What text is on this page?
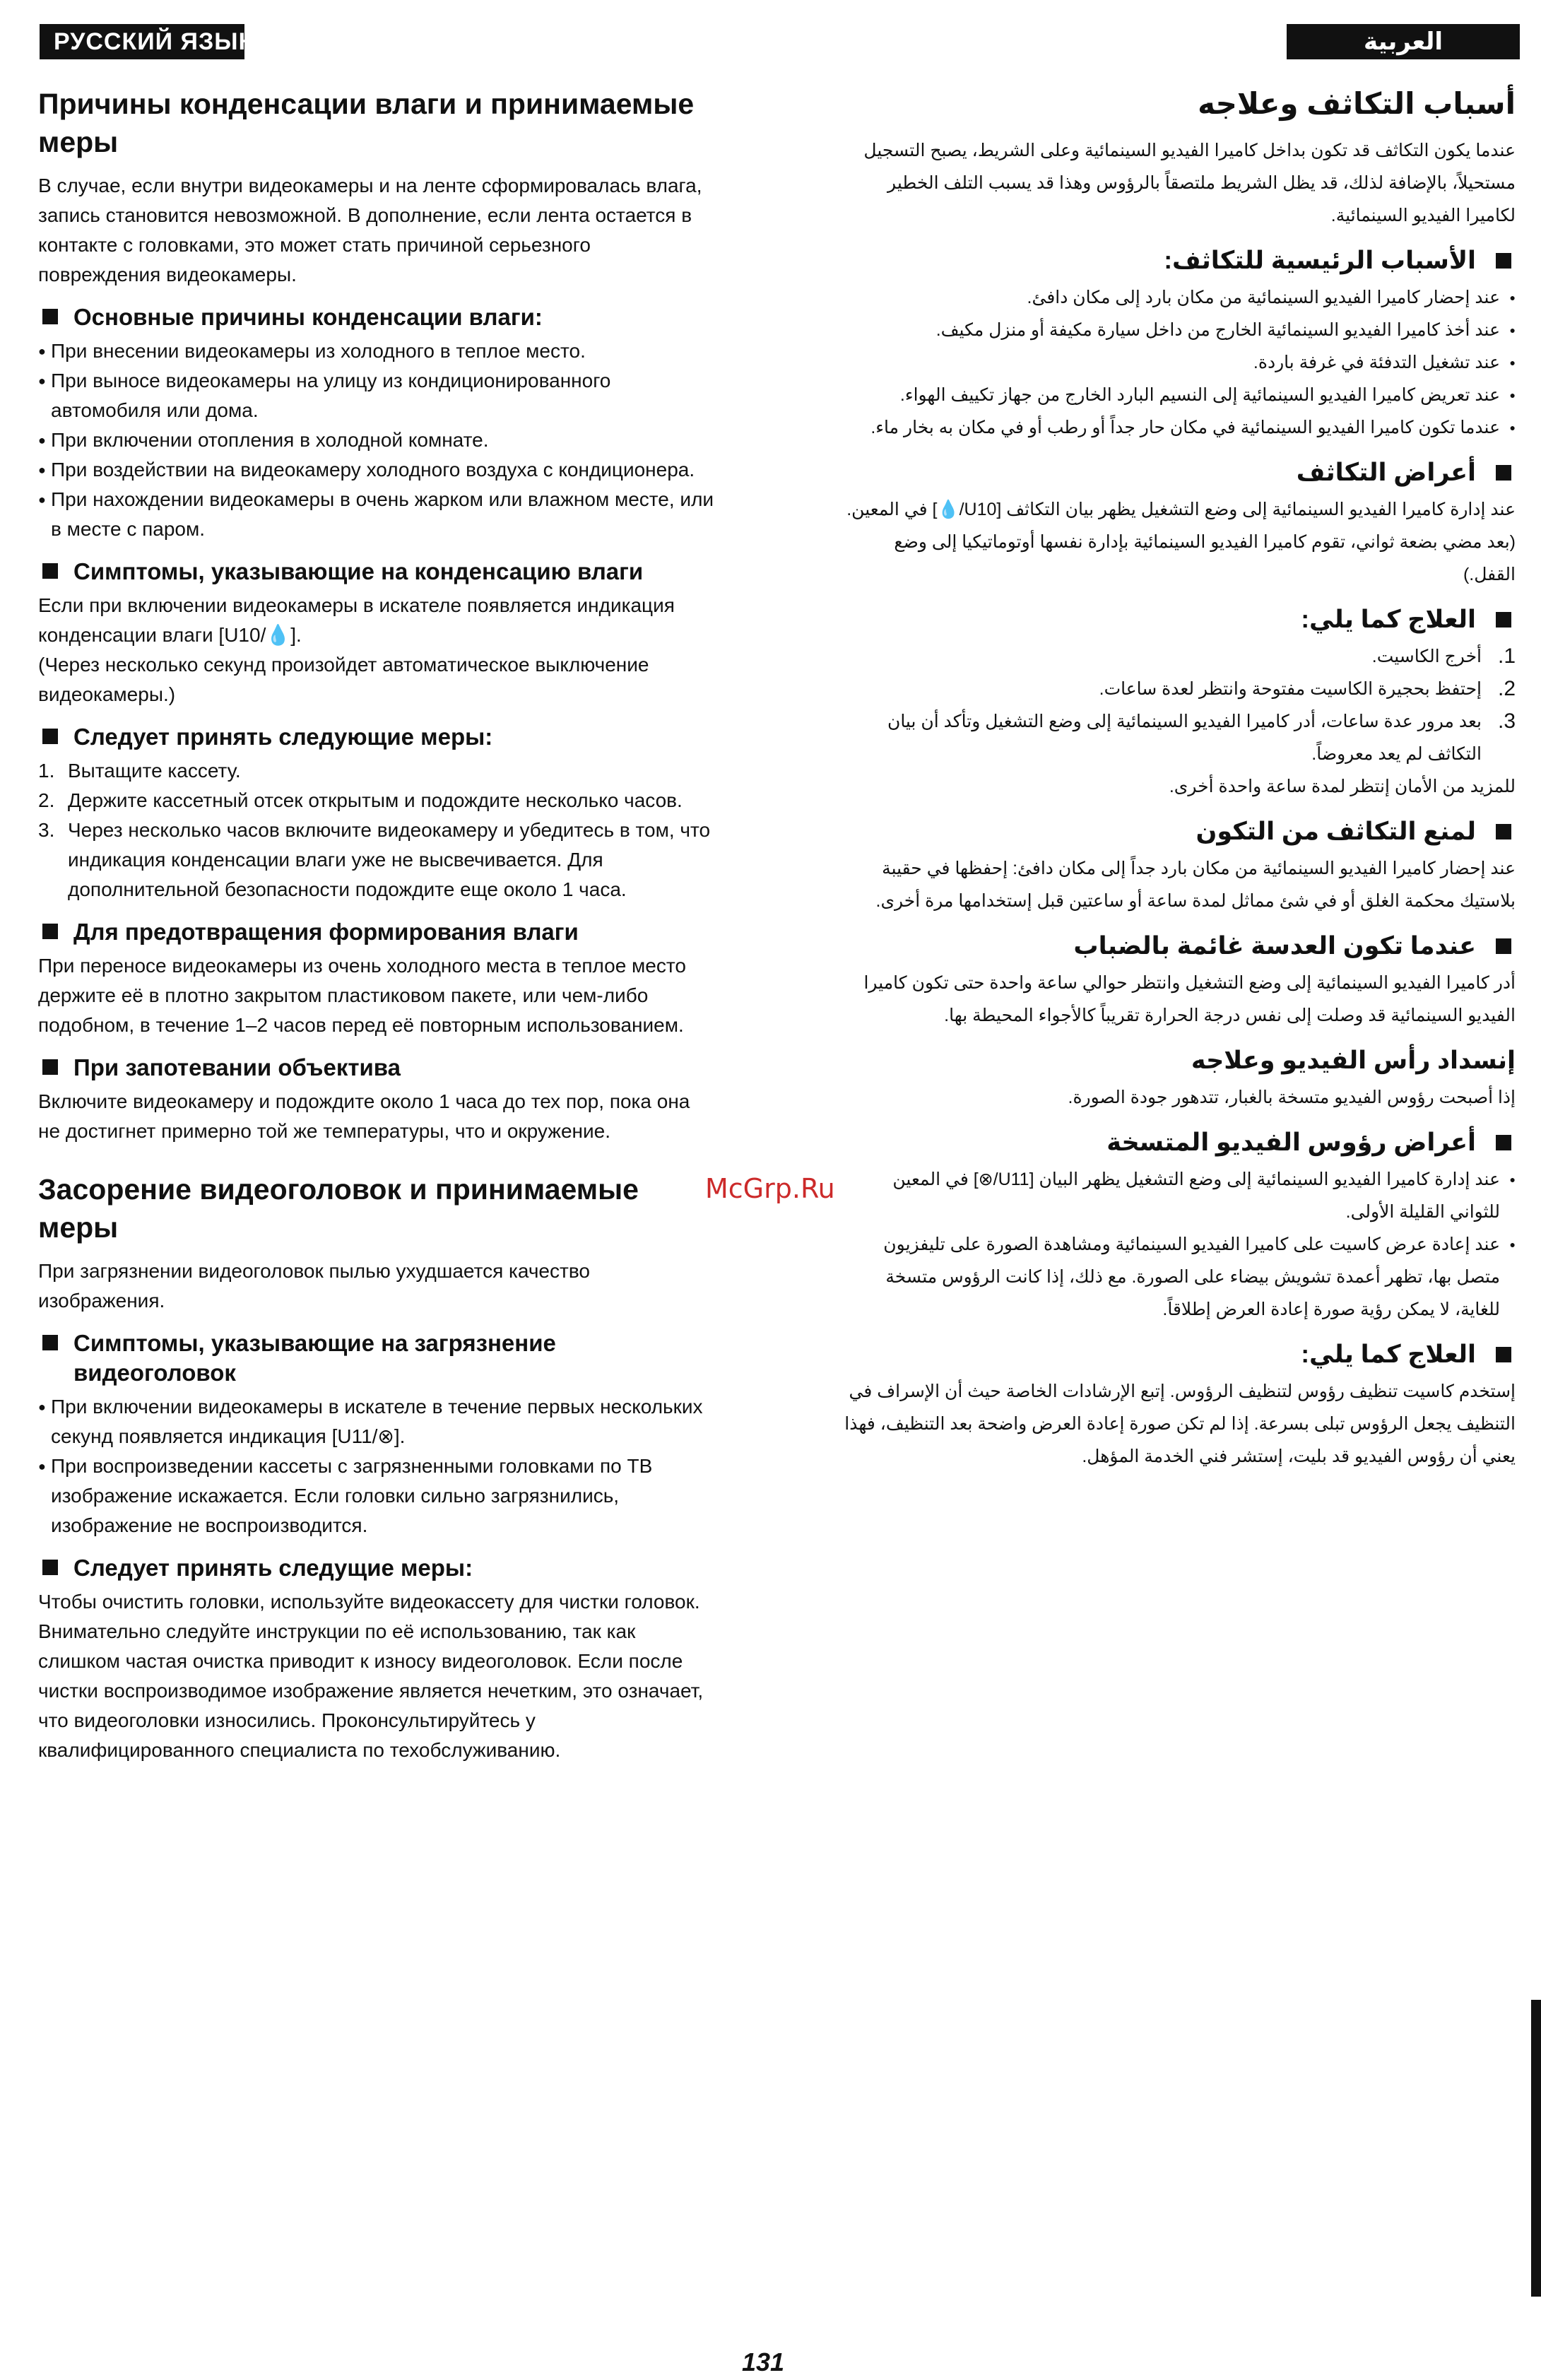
РУССКИЙ ЯЗЫК	العربية
Причины конденсации влаги и принимаемые меры

В случае, если внутри видеокамеры и на ленте сформировалась влага, запись становится невозможной. В дополнение, если лента остается в контакте с головками, это может стать причиной серьезного повреждения видеокамеры.

Основные причины конденсации влаги:
● При внесении видеокамеры из холодного в теплое место.
● При выносе видеокамеры на улицу из кондиционированного автомобиля или дома.
● При включении отопления в холодной комнате.
● При воздействии на видеокамеру холодного воздуха с кондиционера.
● При нахождении видеокамеры в очень жарком или влажном месте, или в месте с паром.
Симптомы, указывающие на конденсацию влаги

Если при включении видеокамеры в искателе появляется индикация конденсации влаги [U10/💧].

(Через несколько секунд произойдет автоматическое выключение видеокамеры.)

Следует принять следующие меры:
1. Вытащите кассету.
2. Держите кассетный отсек открытым и подождите несколько часов.
3. Через несколько часов включите видеокамеру и убедитесь в том, что индикация конденсации влаги уже не высвечивается. Для дополнительной безопасности подождите еще около 1 часа.
Для предотвращения формирования влаги

При переносе видеокамеры из очень холодного места в теплое место держите её в плотно закрытом пластиковом пакете, или чем-либо подобном, в течение 1–2 часов перед её повторным использованием.

При запотевании объектива

Включите видеокамеру и подождите около 1 часа до тех пор, пока она не достигнет примерно той же температуры, что и окружение.

Засорение видеоголовок и принимаемые меры

При загрязнении видеоголовок пылью ухудшается качество изображения.

Симптомы, указывающие на загрязнение видеоголовок
● При включении видеокамеры в искателе в течение первых нескольких секунд появляется индикация [U11/⊗].
● При воспроизведении кассеты с загрязненными головками по ТВ изображение искажается. Если головки сильно загрязнились, изображение не воспроизводится.
Следует принять следущие меры:

Чтобы очистить головки, используйте видеокассету для чистки головок. Внимательно следуйте инструкции по её использованию, так как слишком частая очистка приводит к износу видеоголовок. Если после чистки воспроизводимое изображение является нечетким, это означает, что видеоголовки износились. Проконсультируйтесь у квалифицированного специалиста по техобслуживанию.

أسباب التكاثف وعلاجه

عندما يكون التكاثف قد تكون بداخل كاميرا الفيديو السينمائية وعلى الشريط، يصبح التسجيل مستحيلاً، بالإضافة لذلك، قد يظل الشريط ملتصقاً بالرؤوس وهذا قد يسبب التلف الخطير لكاميرا الفيديو السينمائية.

الأسباب الرئيسية للتكاثف:
● عند إحضار كاميرا الفيديو السينمائية من مكان بارد إلى مكان دافئ.
● عند أخذ كاميرا الفيديو السينمائية الخارج من داخل سيارة مكيفة أو منزل مكيف.
● عند تشغيل التدفئة في غرفة باردة.
● عند تعريض كاميرا الفيديو السينمائية إلى النسيم البارد الخارج من جهاز تكييف الهواء.
● عندما تكون كاميرا الفيديو السينمائية في مكان حار جداً أو رطب أو في مكان به بخار ماء.
أعراض التكاثف

عند إدارة كاميرا الفيديو السينمائية إلى وضع التشغيل يظهر بيان التكاثف [U10/💧] في المعين.

(بعد مضي بضعة ثواني، تقوم كاميرا الفيديو السينمائية بإدارة نفسها أوتوماتيكيا إلى وضع القفل.)

العلاج كما يلي:
1.
أخرج الكاسيت.
2.
إحتفظ بحجيرة الكاسيت مفتوحة وانتظر لعدة ساعات.
3.
بعد مرور عدة ساعات، أدر كاميرا الفيديو السينمائية إلى وضع التشغيل وتأكد أن بيان التكاثف لم يعد معروضاً.

للمزيد من الأمان إنتظر لمدة ساعة واحدة أخرى.

لمنع التكاثف من التكون

عند إحضار كاميرا الفيديو السينمائية من مكان بارد جداً إلى مكان دافئ: إحفظها في حقيبة بلاستيك محكمة الغلق أو في شئ مماثل لمدة ساعة أو ساعتين قبل إستخدامها مرة أخرى.

عندما تكون العدسة غائمة بالضباب

أدر كاميرا الفيديو السينمائية إلى وضع التشغيل وانتظر حوالي ساعة واحدة حتى تكون كاميرا الفيديو السينمائية قد وصلت إلى نفس درجة الحرارة تقريباً كالأجواء المحيطة بها.

إنسداد رأس الفيديو وعلاجه

إذا أصبحت رؤوس الفيديو متسخة بالغبار، تتدهور جودة الصورة.

أعراض رؤوس الفيديو المتسخة
● عند إدارة كاميرا الفيديو السينمائية إلى وضع التشغيل يظهر البيان [U11/⊗] في المعين للثواني القليلة الأولى.
● عند إعادة عرض كاسيت على كاميرا الفيديو السينمائية ومشاهدة الصورة على تليفزيون متصل بها، تظهر أعمدة تشويش بيضاء على الصورة. مع ذلك، إذا كانت الرؤوس متسخة للغاية، لا يمكن رؤية صورة إعادة العرض إطلاقاً.
العلاج كما يلي:

إستخدم كاسيت تنظيف رؤوس لتنظيف الرؤوس. إتبع الإرشادات الخاصة حيث أن الإسراف في التنظيف يجعل الرؤوس تبلى بسرعة. إذا لم تكن صورة إعادة العرض واضحة بعد التنظيف، فهذا يعني أن رؤوس الفيديو قد بليت، إستشر فني الخدمة المؤهل.

McGrp.Ru
131
